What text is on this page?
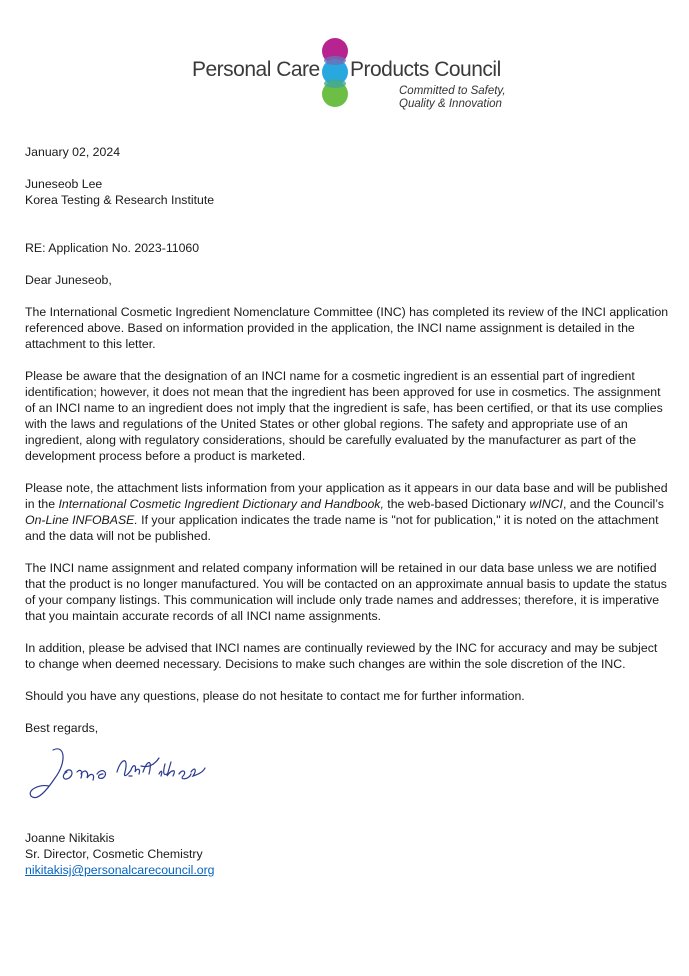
Personal Care Products Council
Committed to Safety,
Quality & Innovation

January 02, 2024

Juneseob Lee
Korea Testing & Research Institute

RE: Application No. 2023-11060

Dear Juneseob,

The International Cosmetic Ingredient Nomenclature Committee (INC) has completed its review of the INCI application referenced above. Based on information provided in the application, the INCI name assignment is detailed in the attachment to this letter.

Please be aware that the designation of an INCI name for a cosmetic ingredient is an essential part of ingredient identification; however, it does not mean that the ingredient has been approved for use in cosmetics. The assignment of an INCI name to an ingredient does not imply that the ingredient is safe, has been certified, or that its use complies with the laws and regulations of the United States or other global regions. The safety and appropriate use of an ingredient, along with regulatory considerations, should be carefully evaluated by the manufacturer as part of the development process before a product is marketed.

Please note, the attachment lists information from your application as it appears in our data base and will be published in the International Cosmetic Ingredient Dictionary and Handbook, the web-based Dictionary wINCI, and the Council’s On-Line INFOBASE. If your application indicates the trade name is "not for publication," it is noted on the attachment and the data will not be published.

The INCI name assignment and related company information will be retained in our data base unless we are notified that the product is no longer manufactured. You will be contacted on an approximate annual basis to update the status of your company listings. This communication will include only trade names and addresses; therefore, it is imperative that you maintain accurate records of all INCI name assignments.

In addition, please be advised that INCI names are continually reviewed by the INC for accuracy and may be subject to change when deemed necessary. Decisions to make such changes are within the sole discretion of the INC.

Should you have any questions, please do not hesitate to contact me for further information.

Best regards,

Joanne Nikitakis
Sr. Director, Cosmetic Chemistry
nikitakisj@personalcarecouncil.org
